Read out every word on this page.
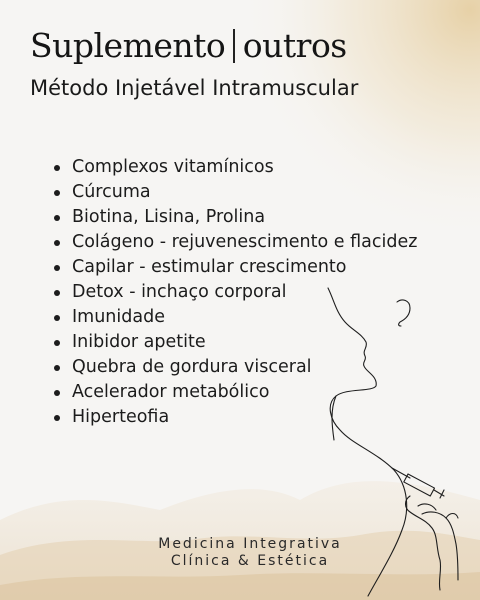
Suplemento outros
Método Injetável Intramuscular
Complexos vitamínicos
Cúrcuma
Biotina, Lisina, Prolina
Colágeno - rejuvenescimento e flacidez
Capilar - estimular crescimento
Detox - inchaço corporal
Imunidade
Inibidor apetite
Quebra de gordura visceral
Acelerador metabólico
Hiperteofia
Medicina Integrativa
Clínica & Estética
